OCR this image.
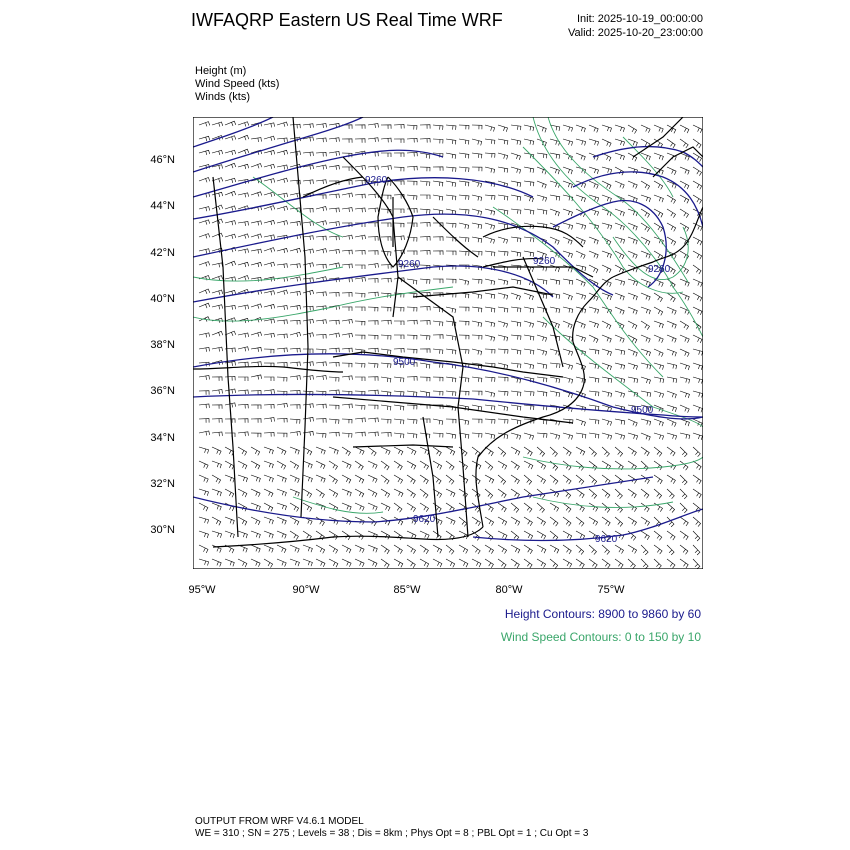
IWFAQRP Eastern US Real Time WRF	Init: 2025-10-19_00:00:00
Valid: 2025-10-20_23:00:00
Height (m)
Wind Speed (kts)
Winds (kts)
46°N
44°N
42°N
40°N
38°N
36°N
34°N
32°N
30°N
95°W	90°W	85°W	80°W	75°W
9260
9260	9260
9260
9500
9500
9620
9620
Height Contours: 8900 to 9860 by 60
Wind Speed Contours: 0 to 150 by 10
OUTPUT FROM WRF V4.6.1 MODEL
WE = 310 ; SN = 275 ; Levels = 38 ; Dis = 8km ; Phys Opt = 8 ; PBL Opt = 1 ; Cu Opt = 3
